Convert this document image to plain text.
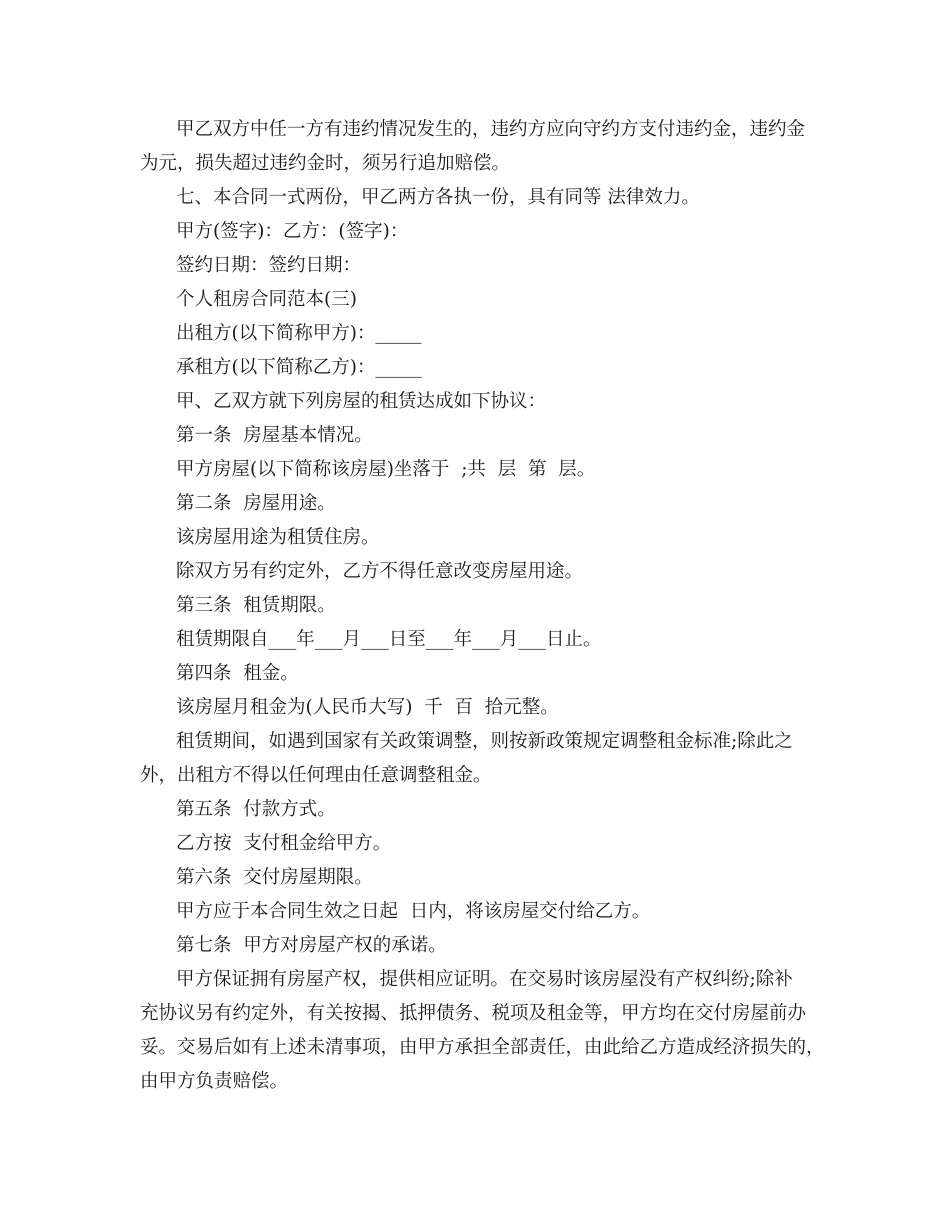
甲乙双方中任一方有违约情况发生的，违约方应向守约方支付违约金，违约金

为元，损失超过违约金时，须另行追加赔偿。

七、本合同一式两份，甲乙两方各执一份，具有同等 法律效力。

甲方(签字)：乙方：(签字)：

签约日期：签约日期：

个人租房合同范本(三)

出租方(以下简称甲方)：_____

承租方(以下简称乙方)：_____

甲、乙双方就下列房屋的租赁达成如下协议：

第一条  房屋基本情况。

甲方房屋(以下简称该房屋)坐落于  ;共  层  第  层。

第二条  房屋用途。

该房屋用途为租赁住房。

除双方另有约定外，乙方不得任意改变房屋用途。

第三条  租赁期限。

租赁期限自___年___月___日至___年___月___日止。

第四条  租金。

该房屋月租金为(人民币大写)  千  百  拾元整。

租赁期间，如遇到国家有关政策调整，则按新政策规定调整租金标准;除此之

外，出租方不得以任何理由任意调整租金。

第五条  付款方式。

乙方按  支付租金给甲方。

第六条  交付房屋期限。

甲方应于本合同生效之日起  日内，将该房屋交付给乙方。

第七条  甲方对房屋产权的承诺。

甲方保证拥有房屋产权，提供相应证明。在交易时该房屋没有产权纠纷;除补

充协议另有约定外，有关按揭、抵押债务、税项及租金等，甲方均在交付房屋前办

妥。交易后如有上述未清事项，由甲方承担全部责任，由此给乙方造成经济损失的，

由甲方负责赔偿。
